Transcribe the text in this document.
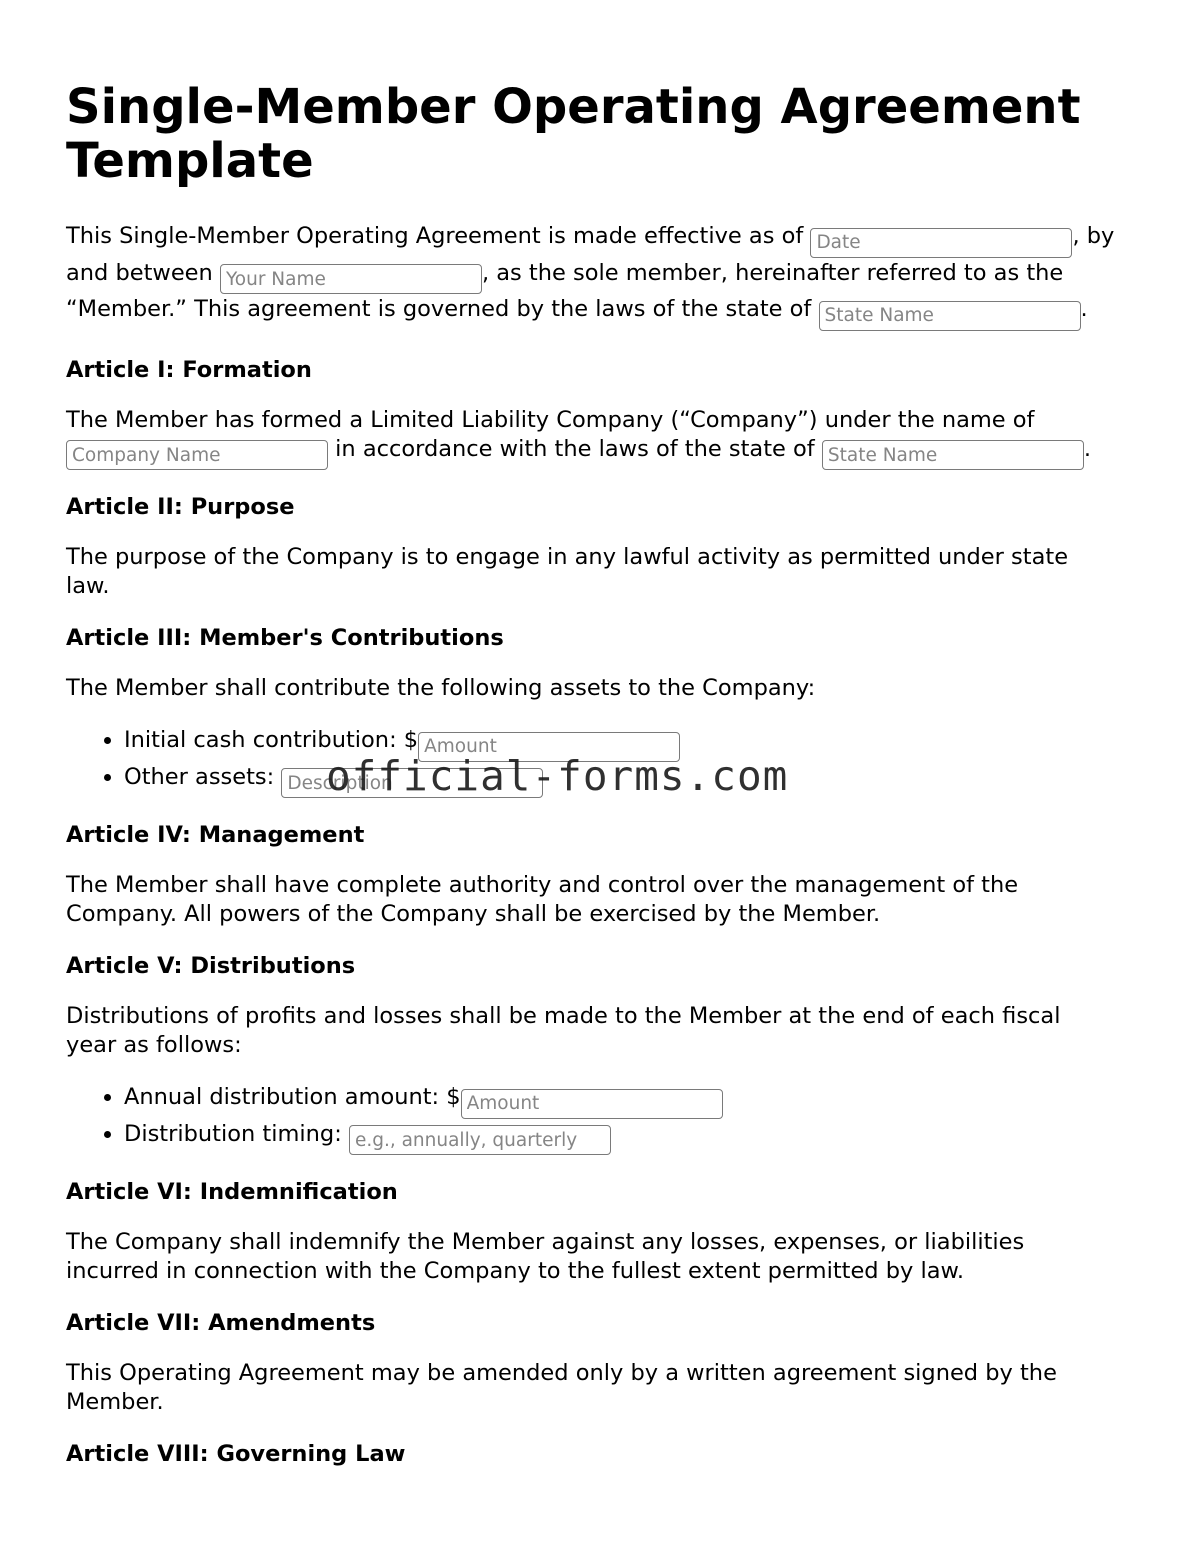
Single-Member Operating Agreement Template

This Single-Member Operating Agreement is made effective as of Date	, by and between Your Name	, as the sole member, hereinafter referred to as the “Member.” This agreement is governed by the laws of the state of State Name	.

Article I: Formation

The Member has formed a Limited Liability Company (“Company”) under the name of Company Name in accordance with the laws of the state of State Name	.

Article II: Purpose

The purpose of the Company is to engage in any lawful activity as permitted under state law.

Article III: Member's Contributions

The Member shall contribute the following assets to the Company:

• Initial cash contribution: $Amount
• Other assets: Description
Article IV: Management

The Member shall have complete authority and control over the management of the Company. All powers of the Company shall be exercised by the Member.

Article V: Distributions

Distributions of profits and losses shall be made to the Member at the end of each fiscal year as follows:

• Annual distribution amount: $Amount
• Distribution timing: e.g., annually, quarterly
Article VI: Indemnification

The Company shall indemnify the Member against any losses, expenses, or liabilities incurred in connection with the Company to the fullest extent permitted by law.

Article VII: Amendments

This Operating Agreement may be amended only by a written agreement signed by the Member.

Article VIII: Governing Law
official-forms.com
